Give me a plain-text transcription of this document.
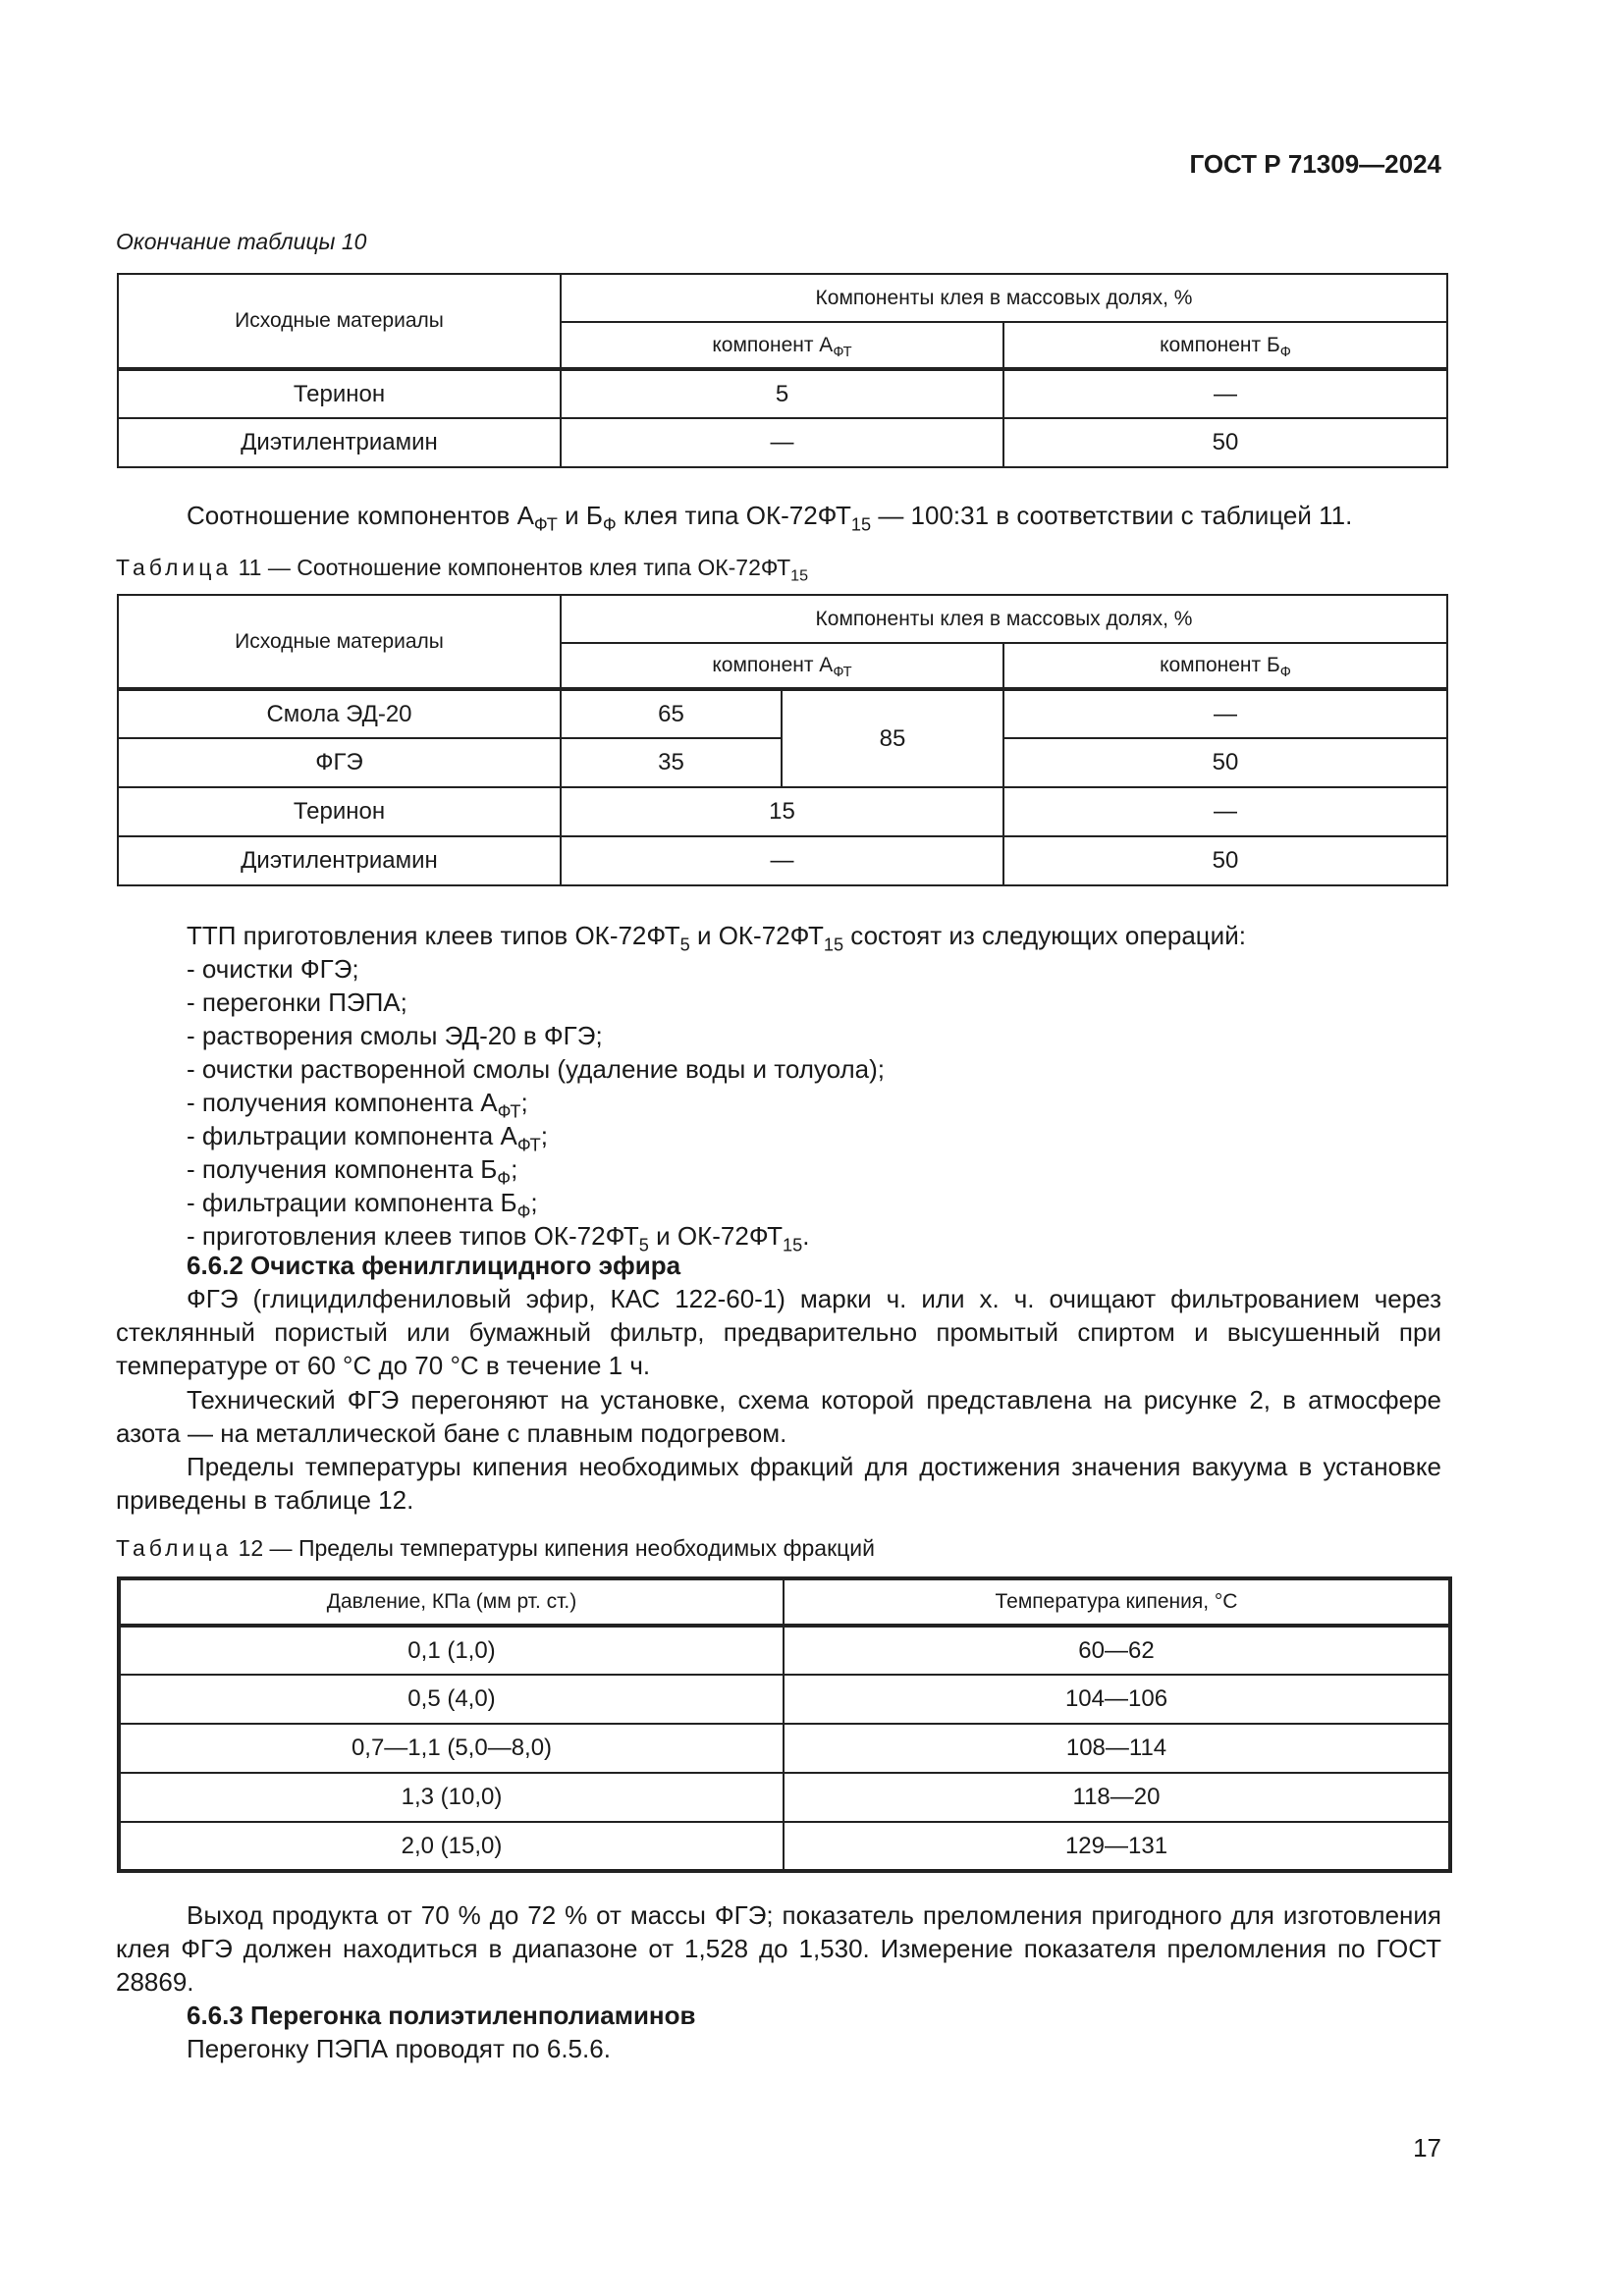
ГОСТ Р 71309—2024
Окончание таблицы 10
Исходные материалы	Компоненты клея в массовых долях, %	
	компонент $А_{ФТ}$	компонент $Б_Ф$
Теринон	5	—
Диэтилентриамин	—	50
Соотношение компонентов $А_{ФТ}$ и $Б_Ф$ клея типа $ОК-72ФТ_{15}$ — 100:31 в соответствии с таблицей 11.
Таблица 11 — Соотношение компонентов клея типа $ОК-72ФТ_{15}$
Исходные материалы	Компоненты клея в массовых долях, %		
	компонент $А_{ФТ}$		компонент $Б_Ф$
Смола ЭД-20	65	85	—
ФГЭ	35		50
Теринон	15		—
Диэтилентриамин	—		50
ТТП приготовления клеев типов $ОК-72ФТ_5$ и $ОК-72ФТ_{15}$ состоят из следующих операций:
- очистки ФГЭ;
- перегонки ПЭПА;
- растворения смолы ЭД-20 в ФГЭ;
- очистки растворенной смолы (удаление воды и толуола);
- получения компонента $А_{ФТ}$;
- фильтрации компонента $А_{ФТ}$;
- получения компонента $Б_Ф$;
- фильтрации компонента $Б_Ф$;
- приготовления клеев типов $ОК-72ФТ_5$ и $ОК-72ФТ_{15}$.
6.6.2 Очистка фенилглицидного эфира
ФГЭ (глицидилфениловый эфир, КАС 122-60-1) марки ч. или х. ч. очищают фильтрованием через стеклянный пористый или бумажный фильтр, предварительно промытый спиртом и высушенный при температуре от 60 °С до 70 °С в течение 1 ч.
Технический ФГЭ перегоняют на установке, схема которой представлена на рисунке 2, в атмосфере азота — на металлической бане с плавным подогревом.
Пределы температуры кипения необходимых фракций для достижения значения вакуума в установке приведены в таблице 12.
Таблица 12 — Пределы температуры кипения необходимых фракций
Давление, КПа (мм рт. ст.)	Температура кипения, °С
0,1 (1,0)	60—62
0,5 (4,0)	104—106
0,7—1,1 (5,0—8,0)	108—114
1,3 (10,0)	118—20
2,0 (15,0)	129—131
Выход продукта от 70 % до 72 % от массы ФГЭ; показатель преломления пригодного для изготовления клея ФГЭ должен находиться в диапазоне от 1,528 до 1,530. Измерение показателя преломления по ГОСТ 28869.
6.6.3 Перегонка полиэтиленполиаминов
Перегонку ПЭПА проводят по 6.5.6.
17
